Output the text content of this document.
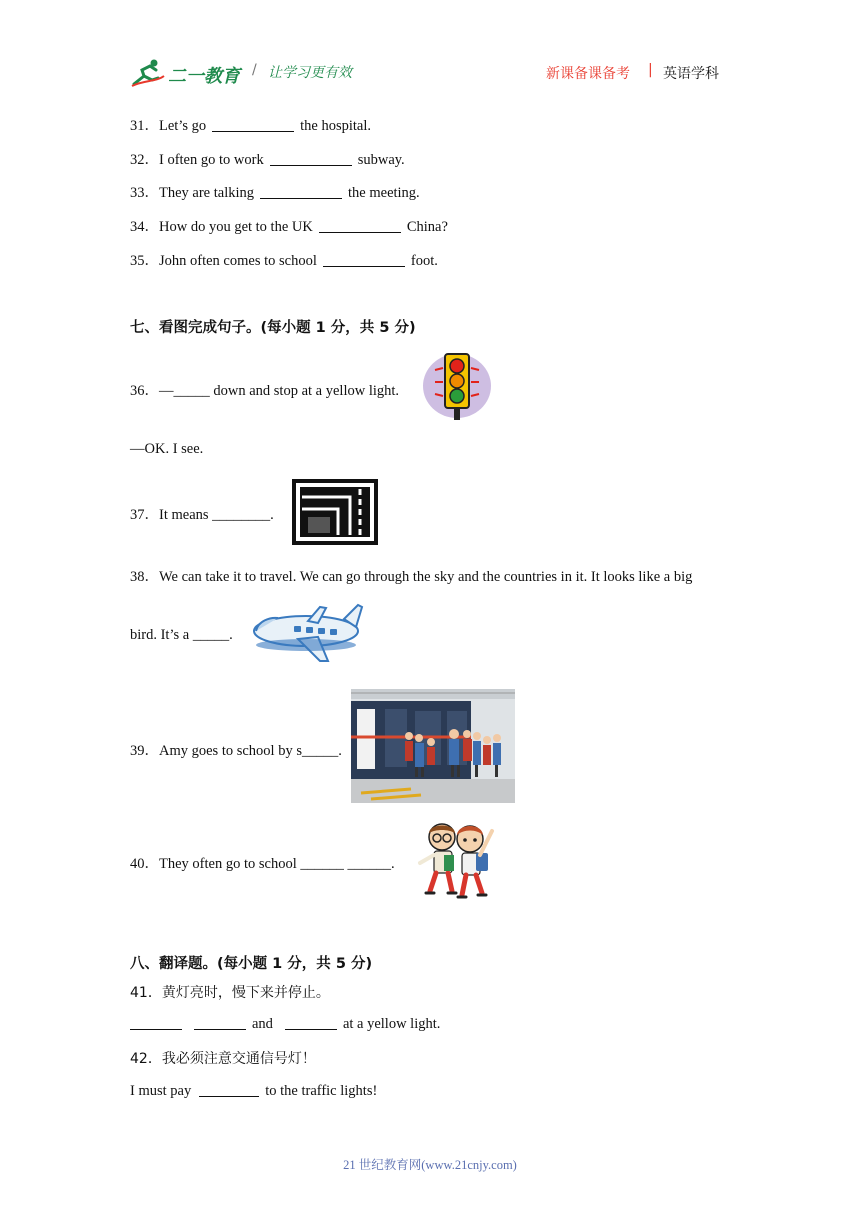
二一教育 / 让学习更有效	新课备课备考 | 英语学科
31．Let’s go	the hospital.
32．I often go to work	subway.
33．They are talking	the meeting.
34．How do you get to the UK	China?
35．John often comes to school	foot.
七、看图完成句子。(每小题 1 分，共 5 分)
36．—_____ down and stop at a yellow light.
—OK. I see.
37．It means ________.
38．We can take it to travel. We can go through the sky and the countries in it. It looks like a big
bird. It’s a _____.
39．Amy goes to school by s_____.
40．They often go to school ______ ______.
八、翻译题。(每小题 1 分，共 5 分)
41．黄灯亮时，慢下来并停止。
and	at a yellow light.
42．我必须注意交通信号灯！
I must pay	to the traffic lights!
21 世纪教育网(www.21cnjy.com)
